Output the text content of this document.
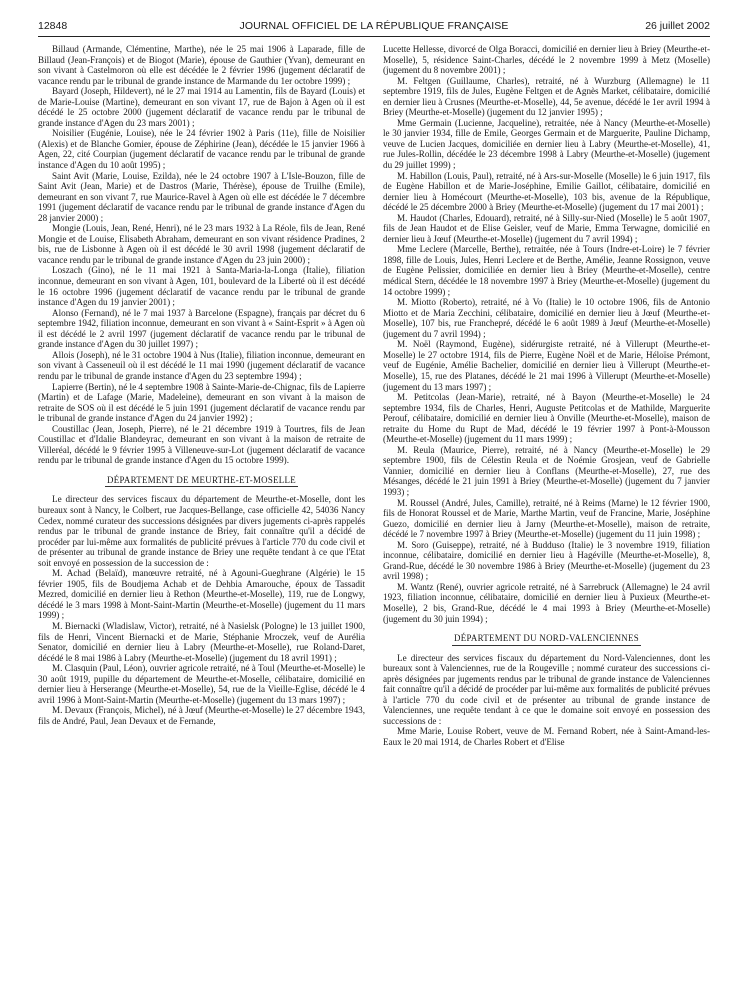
12848	JOURNAL OFFICIEL DE LA RÉPUBLIQUE FRANÇAISE	26 juillet 2002

Billaud (Armande, Clémentine, Marthe), née le 25 mai 1906 à Laparade, fille de Billaud (Jean-François) et de Biogot (Marie), épouse de Gauthier (Yvan), demeurant en son vivant à Castelmoron où elle est décédée le 2 février 1996 (jugement déclaratif de vacance rendu par le tribunal de grande instance de Marmande du 1er octobre 1999) ;

Bayard (Joseph, Hildevert), né le 27 mai 1914 au Lamentin, fils de Bayard (Louis) et de Marie-Louise (Martine), demeurant en son vivant 17, rue de Bajon à Agen où il est décédé le 25 octobre 2000 (jugement déclaratif de vacance rendu par le tribunal de grande instance d'Agen du 23 mars 2001) ;

Noisilier (Eugénie, Louise), née le 24 février 1902 à Paris (11e), fille de Noisilier (Alexis) et de Blanche Gomier, épouse de Zéphirine (Jean), décédée le 15 janvier 1966 à Agen, 22, cité Courpian (jugement déclaratif de vacance rendu par le tribunal de grande instance d'Agen du 10 août 1995) ;

Saint Avit (Marie, Louise, Ezilda), née le 24 octobre 1907 à L'Isle-Bouzon, fille de Saint Avit (Jean, Marie) et de Dastros (Marie, Thérèse), épouse de Truilhe (Emile), demeurant en son vivant 7, rue Maurice-Ravel à Agen où elle est décédée le 7 décembre 1991 (jugement déclaratif de vacance rendu par le tribunal de grande instance d'Agen du 28 janvier 2000) ;

Mongie (Louis, Jean, René, Henri), né le 23 mars 1932 à La Réole, fils de Jean, René Mongie et de Louise, Elisabeth Abraham, demeurant en son vivant résidence Pradines, 2 bis, rue de Lisbonne à Agen où il est décédé le 30 avril 1998 (jugement déclaratif de vacance rendu par le tribunal de grande instance d'Agen du 23 juin 2000) ;

Loszach (Gino), né le 11 mai 1921 à Santa-Maria-la-Longa (Italie), filiation inconnue, demeurant en son vivant à Agen, 101, boulevard de la Liberté où il est décédé le 16 octobre 1996 (jugement déclaratif de vacance rendu par le tribunal de grande instance d'Agen du 19 janvier 2001) ;

Alonso (Fernand), né le 7 mai 1937 à Barcelone (Espagne), français par décret du 6 septembre 1942, filiation inconnue, demeurant en son vivant à « Saint-Esprit » à Agen où il est décédé le 2 avril 1997 (jugement déclaratif de vacance rendu par le tribunal de grande instance d'Agen du 30 juillet 1997) ;

Allois (Joseph), né le 31 octobre 1904 à Nus (Italie), filiation inconnue, demeurant en son vivant à Casseneuil où il est décédé le 11 mai 1990 (jugement déclaratif de vacance rendu par le tribunal de grande instance d'Agen du 23 septembre 1994) ;

Lapierre (Bertin), né le 4 septembre 1908 à Sainte-Marie-de-Chignac, fils de Lapierre (Martin) et de Lafage (Marie, Madeleine), demeurant en son vivant à la maison de retraite de SOS où il est décédé le 5 juin 1991 (jugement déclaratif de vacance rendu par le tribunal de grande instance d'Agen du 24 janvier 1992) ;

Coustillac (Jean, Joseph, Pierre), né le 21 décembre 1919 à Tourtres, fils de Jean Coustillac et d'Idalie Blandeyrac, demeurant en son vivant à la maison de retraite de Villeréal, décédé le 9 février 1995 à Villeneuve-sur-Lot (jugement déclaratif de vacance rendu par le tribunal de grande instance d'Agen du 15 octobre 1999).

DÉPARTEMENT DE MEURTHE-ET-MOSELLE

Le directeur des services fiscaux du département de Meurthe-et-Moselle, dont les bureaux sont à Nancy, le Colbert, rue Jacques-Bellange, case officielle 42, 54036 Nancy Cedex, nommé curateur des successions désignées par divers jugements ci-après rappelés rendus par le tribunal de grande instance de Briey, fait connaître qu'il a décidé de procéder par lui-même aux formalités de publicité prévues à l'article 770 du code civil et de présenter au tribunal de grande instance de Briey une requête tendant à ce que l'Etat soit envoyé en possession de la succession de :

M. Achad (Belaïd), manœuvre retraité, né à Agouni-Gueghrane (Algérie) le 15 février 1905, fils de Boudjema Achab et de Dehbia Amarouche, époux de Tassadit Mezred, domicilié en dernier lieu à Rethon (Meurthe-et-Moselle), 119, rue de Longwy, décédé le 3 mars 1998 à Mont-Saint-Martin (Meurthe-et-Moselle) (jugement du 11 mars 1999) ;

M. Biernacki (Wladislaw, Victor), retraité, né à Nasielsk (Pologne) le 13 juillet 1900, fils de Henri, Vincent Biernacki et de Marie, Stéphanie Mroczek, veuf de Aurélia Senator, domicilié en dernier lieu à Labry (Meurthe-et-Moselle), rue Roland-Daret, décédé le 8 mai 1986 à Labry (Meurthe-et-Moselle) (jugement du 18 avril 1991) ;

M. Clasquin (Paul, Léon), ouvrier agricole retraité, né à Toul (Meurthe-et-Moselle) le 30 août 1919, pupille du département de Meurthe-et-Moselle, célibataire, domicilié en dernier lieu à Herserange (Meurthe-et-Moselle), 54, rue de la Vieille-Eglise, décédé le 4 avril 1996 à Mont-Saint-Martin (Meurthe-et-Moselle) (jugement du 13 mars 1997) ;

M. Devaux (François, Michel), né à Jœuf (Meurthe-et-Moselle) le 27 décembre 1943, fils de André, Paul, Jean Devaux et de Fernande,

Lucette Hellesse, divorcé de Olga Boracci, domicilié en dernier lieu à Briey (Meurthe-et-Moselle), 5, résidence Saint-Charles, décédé le 2 novembre 1999 à Metz (Moselle) (jugement du 8 novembre 2001) ;

M. Feltgen (Guillaume, Charles), retraité, né à Wurzburg (Allemagne) le 11 septembre 1919, fils de Jules, Eugène Feltgen et de Agnès Market, célibataire, domicilié en dernier lieu à Crusnes (Meurthe-et-Moselle), 44, 5e avenue, décédé le 1er avril 1994 à Briey (Meurthe-et-Moselle) (jugement du 12 janvier 1995) ;

Mme Germain (Lucienne, Jacqueline), retraitée, née à Nancy (Meurthe-et-Moselle) le 30 janvier 1934, fille de Emile, Georges Germain et de Marguerite, Pauline Dichamp, veuve de Lucien Jacques, domiciliée en dernier lieu à Labry (Meurthe-et-Moselle), 41, rue Jules-Rollin, décédée le 23 décembre 1998 à Labry (Meurthe-et-Moselle) (jugement du 29 juillet 1999) ;

M. Habillon (Louis, Paul), retraité, né à Ars-sur-Moselle (Moselle) le 6 juin 1917, fils de Eugène Habillon et de Marie-Joséphine, Emilie Gaillot, célibataire, domicilié en dernier lieu à Homécourt (Meurthe-et-Moselle), 103 bis, avenue de la République, décédé le 25 décembre 2000 à Briey (Meurthe-et-Moselle) (jugement du 17 mai 2001) ;

M. Haudot (Charles, Edouard), retraité, né à Silly-sur-Nied (Moselle) le 5 août 1907, fils de Jean Haudot et de Elise Geisler, veuf de Marie, Emma Terwagne, domicilié en dernier lieu à Jœuf (Meurthe-et-Moselle) (jugement du 7 avril 1994) ;

Mme Leclere (Marcelle, Berthe), retraitée, née à Tours (Indre-et-Loire) le 7 février 1898, fille de Louis, Jules, Henri Leclere et de Berthe, Amélie, Jeanne Rossignon, veuve de Eugène Pelissier, domiciliée en dernier lieu à Briey (Meurthe-et-Moselle), centre médical Stern, décédée le 18 novembre 1997 à Briey (Meurthe-et-Moselle) (jugement du 14 octobre 1999) ;

M. Miotto (Roberto), retraité, né à Vo (Italie) le 10 octobre 1906, fils de Antonio Miotto et de Maria Zecchini, célibataire, domicilié en dernier lieu à Jœuf (Meurthe-et-Moselle), 107 bis, rue Franchepré, décédé le 6 août 1989 à Jœuf (Meurthe-et-Moselle) (jugement du 7 avril 1994) ;

M. Noël (Raymond, Eugène), sidérurgiste retraité, né à Villerupt (Meurthe-et-Moselle) le 27 octobre 1914, fils de Pierre, Eugène Noël et de Marie, Héloïse Prémont, veuf de Eugénie, Amélie Bachelier, domicilié en dernier lieu à Villerupt (Meurthe-et-Moselle), 15, rue des Platanes, décédé le 21 mai 1996 à Villerupt (Meurthe-et-Moselle) (jugement du 13 mars 1997) ;

M. Petitcolas (Jean-Marie), retraité, né à Bayon (Meurthe-et-Moselle) le 24 septembre 1934, fils de Charles, Henri, Auguste Petitcolas et de Mathilde, Marguerite Perouf, célibataire, domicilié en dernier lieu à Onville (Meurthe-et-Moselle), maison de retraite du Home du Rupt de Mad, décédé le 19 février 1997 à Pont-à-Mousson (Meurthe-et-Moselle) (jugement du 11 mars 1999) ;

M. Reula (Maurice, Pierre), retraité, né à Nancy (Meurthe-et-Moselle) le 29 septembre 1900, fils de Célestin Reula et de Noémie Grosjean, veuf de Gabrielle Vannier, domicilié en dernier lieu à Conflans (Meurthe-et-Moselle), 27, rue des Mésanges, décédé le 21 juin 1991 à Briey (Meurthe-et-Moselle) (jugement du 7 janvier 1993) ;

M. Roussel (André, Jules, Camille), retraité, né à Reims (Marne) le 12 février 1900, fils de Honorat Roussel et de Marie, Marthe Martin, veuf de Francine, Marie, Joséphine Guezo, domicilié en dernier lieu à Jarny (Meurthe-et-Moselle), maison de retraite, décédé le 7 novembre 1997 à Briey (Meurthe-et-Moselle) (jugement du 11 juin 1998) ;

M. Soro (Guiseppe), retraité, né à Budduso (Italie) le 3 novembre 1919, filiation inconnue, célibataire, domicilié en dernier lieu à Hagéville (Meurthe-et-Moselle), 8, Grand-Rue, décédé le 30 novembre 1986 à Briey (Meurthe-et-Moselle) (jugement du 23 avril 1998) ;

M. Wantz (René), ouvrier agricole retraité, né à Sarrebruck (Allemagne) le 24 avril 1923, filiation inconnue, célibataire, domicilié en dernier lieu à Puxieux (Meurthe-et-Moselle), 2 bis, Grand-Rue, décédé le 4 mai 1993 à Briey (Meurthe-et-Moselle) (jugement du 30 juin 1994) ;

DÉPARTEMENT DU NORD-VALENCIENNES

Le directeur des services fiscaux du département du Nord-Valenciennes, dont les bureaux sont à Valenciennes, rue de la Rougeville ; nommé curateur des successions ci-après désignées par jugements rendus par le tribunal de grande instance de Valenciennes fait connaître qu'il a décidé de procéder par lui-même aux formalités de publicité prévues à l'article 770 du code civil et de présenter au tribunal de grande instance de Valenciennes, une requête tendant à ce que le domaine soit envoyé en possession des successions de :

Mme Marie, Louise Robert, veuve de M. Fernand Robert, née à Saint-Amand-les-Eaux le 20 mai 1914, de Charles Robert et d'Elise
